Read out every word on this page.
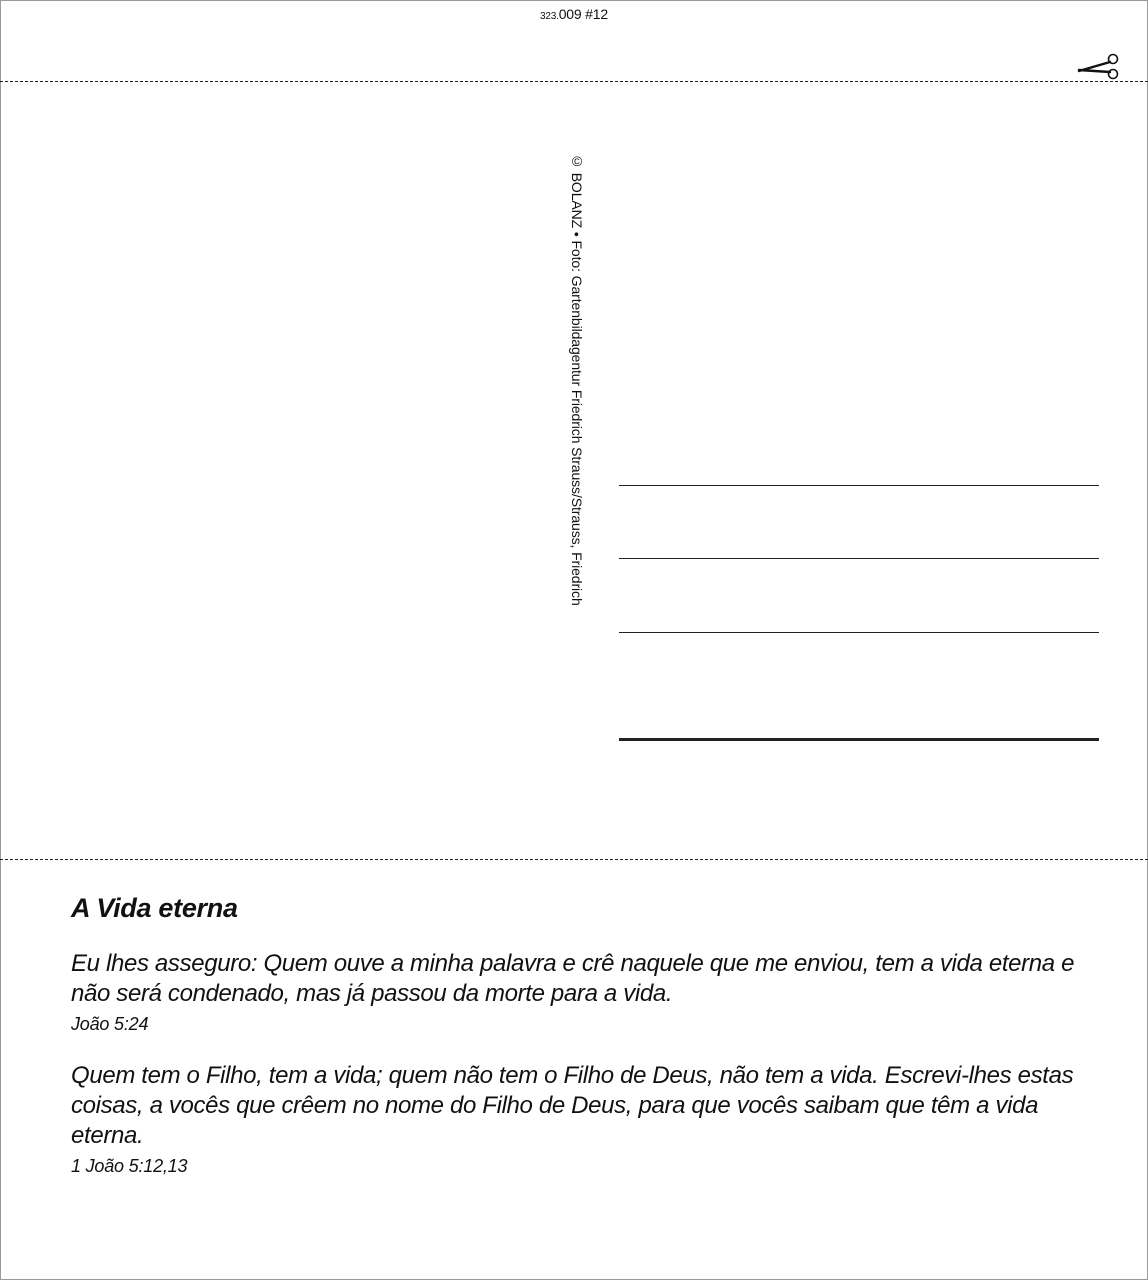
323.009 #12
© BOLANZ • Foto: Gartenbildagentur Friedrich Strauss/Strauss, Friedrich
A Vida eterna
Eu lhes asseguro: Quem ouve a minha palavra e crê naquele que me enviou, tem a vida eterna e não será condenado, mas já passou da morte para a vida.
João 5:24
Quem tem o Filho, tem a vida; quem não tem o Filho de Deus, não tem a vida. Escrevi-lhes estas coisas, a vocês que crêem no nome do Filho de Deus, para que vocês saibam que têm a vida eterna.
1 João 5:12,13
